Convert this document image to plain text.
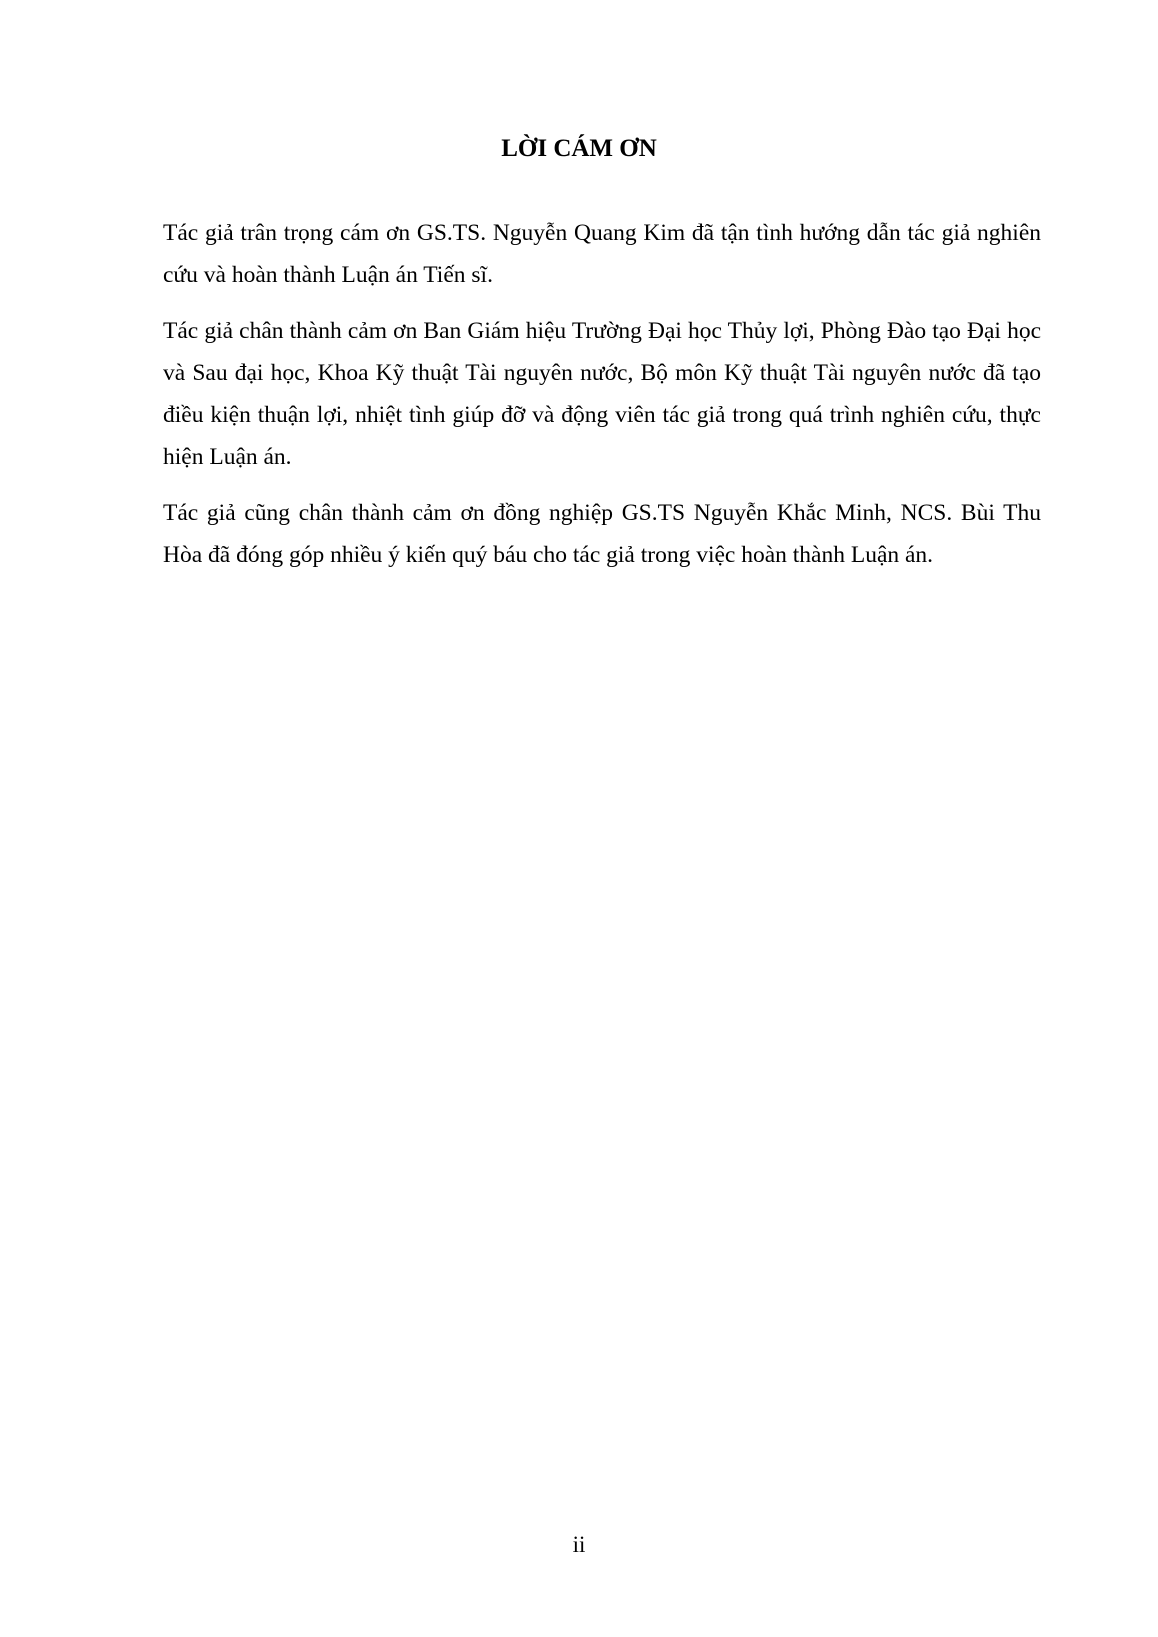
LỜI CÁM ƠN

Tác giả trân trọng cám ơn GS.TS. Nguyễn Quang Kim đã tận tình hướng dẫn tác giả nghiên cứu và hoàn thành Luận án Tiến sĩ.

Tác giả chân thành cảm ơn Ban Giám hiệu Trường Đại học Thủy lợi, Phòng Đào tạo Đại học và Sau đại học, Khoa Kỹ thuật Tài nguyên nước, Bộ môn Kỹ thuật Tài nguyên nước đã tạo điều kiện thuận lợi, nhiệt tình giúp đỡ và động viên tác giả trong quá trình nghiên cứu, thực hiện Luận án.

Tác giả cũng chân thành cảm ơn đồng nghiệp GS.TS Nguyễn Khắc Minh, NCS. Bùi Thu Hòa đã đóng góp nhiều ý kiến quý báu cho tác giả trong việc hoàn thành Luận án.

ii
